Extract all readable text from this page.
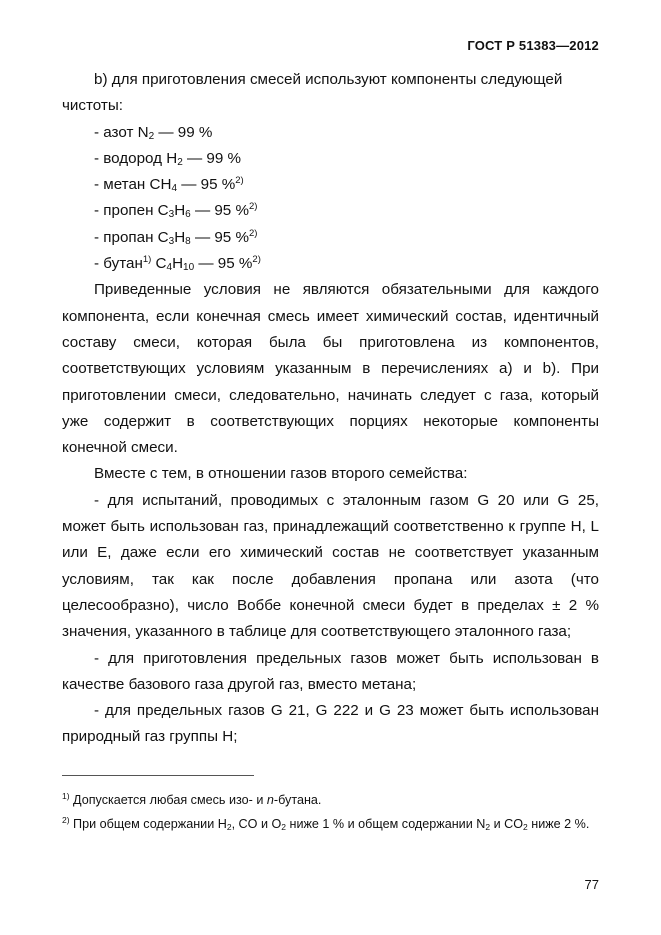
ГОСТ Р 51383—2012

b) для приготовления смесей используют компоненты следующей

чистоты:

- азот $N_2$ — 99 %

- водород $H_2$ — 99 %

- метан $CH_4$ — 95 %$^{2)}$

- пропен $C_3H_6$ — 95 %$^{2)}$

- пропан $C_3H_8$ — 95 %$^{2)}$

- бутан$^{1)}$ $C_4H_{10}$ — 95 %$^{2)}$

Приведенные условия не являются обязательными для каждого компонента, если конечная смесь имеет химический состав, идентичный составу смеси, которая была бы приготовлена из компонентов, соответствующих условиям указанным в перечислениях a) и b). При приготовлении смеси, следовательно, начинать следует с газа, который уже содержит в соответствующих порциях некоторые компоненты конечной смеси.

Вместе с тем, в отношении газов второго семейства:

- для испытаний, проводимых с эталонным газом G 20 или G 25, может быть использован газ, принадлежащий соответственно к группе H, L или E, даже если его химический состав не соответствует указанным условиям, так как после добавления пропана или азота (что целесообразно), число Воббе конечной смеси будет в пределах ± 2 % значения, указанного в таблице для соответствующего эталонного газа;

- для приготовления предельных газов может быть использован в качестве базового газа другой газ, вместо метана;

- для предельных газов G 21, G 222 и G 23 может быть использован природный газ группы H;

$^{1)}$ Допускается любая смесь изо- и n-бутана.

$^{2)}$ При общем содержании $H_2$, CO и $O_2$ ниже 1 % и общем содержании $N_2$ и $CO_2$ ниже 2 %.

77
